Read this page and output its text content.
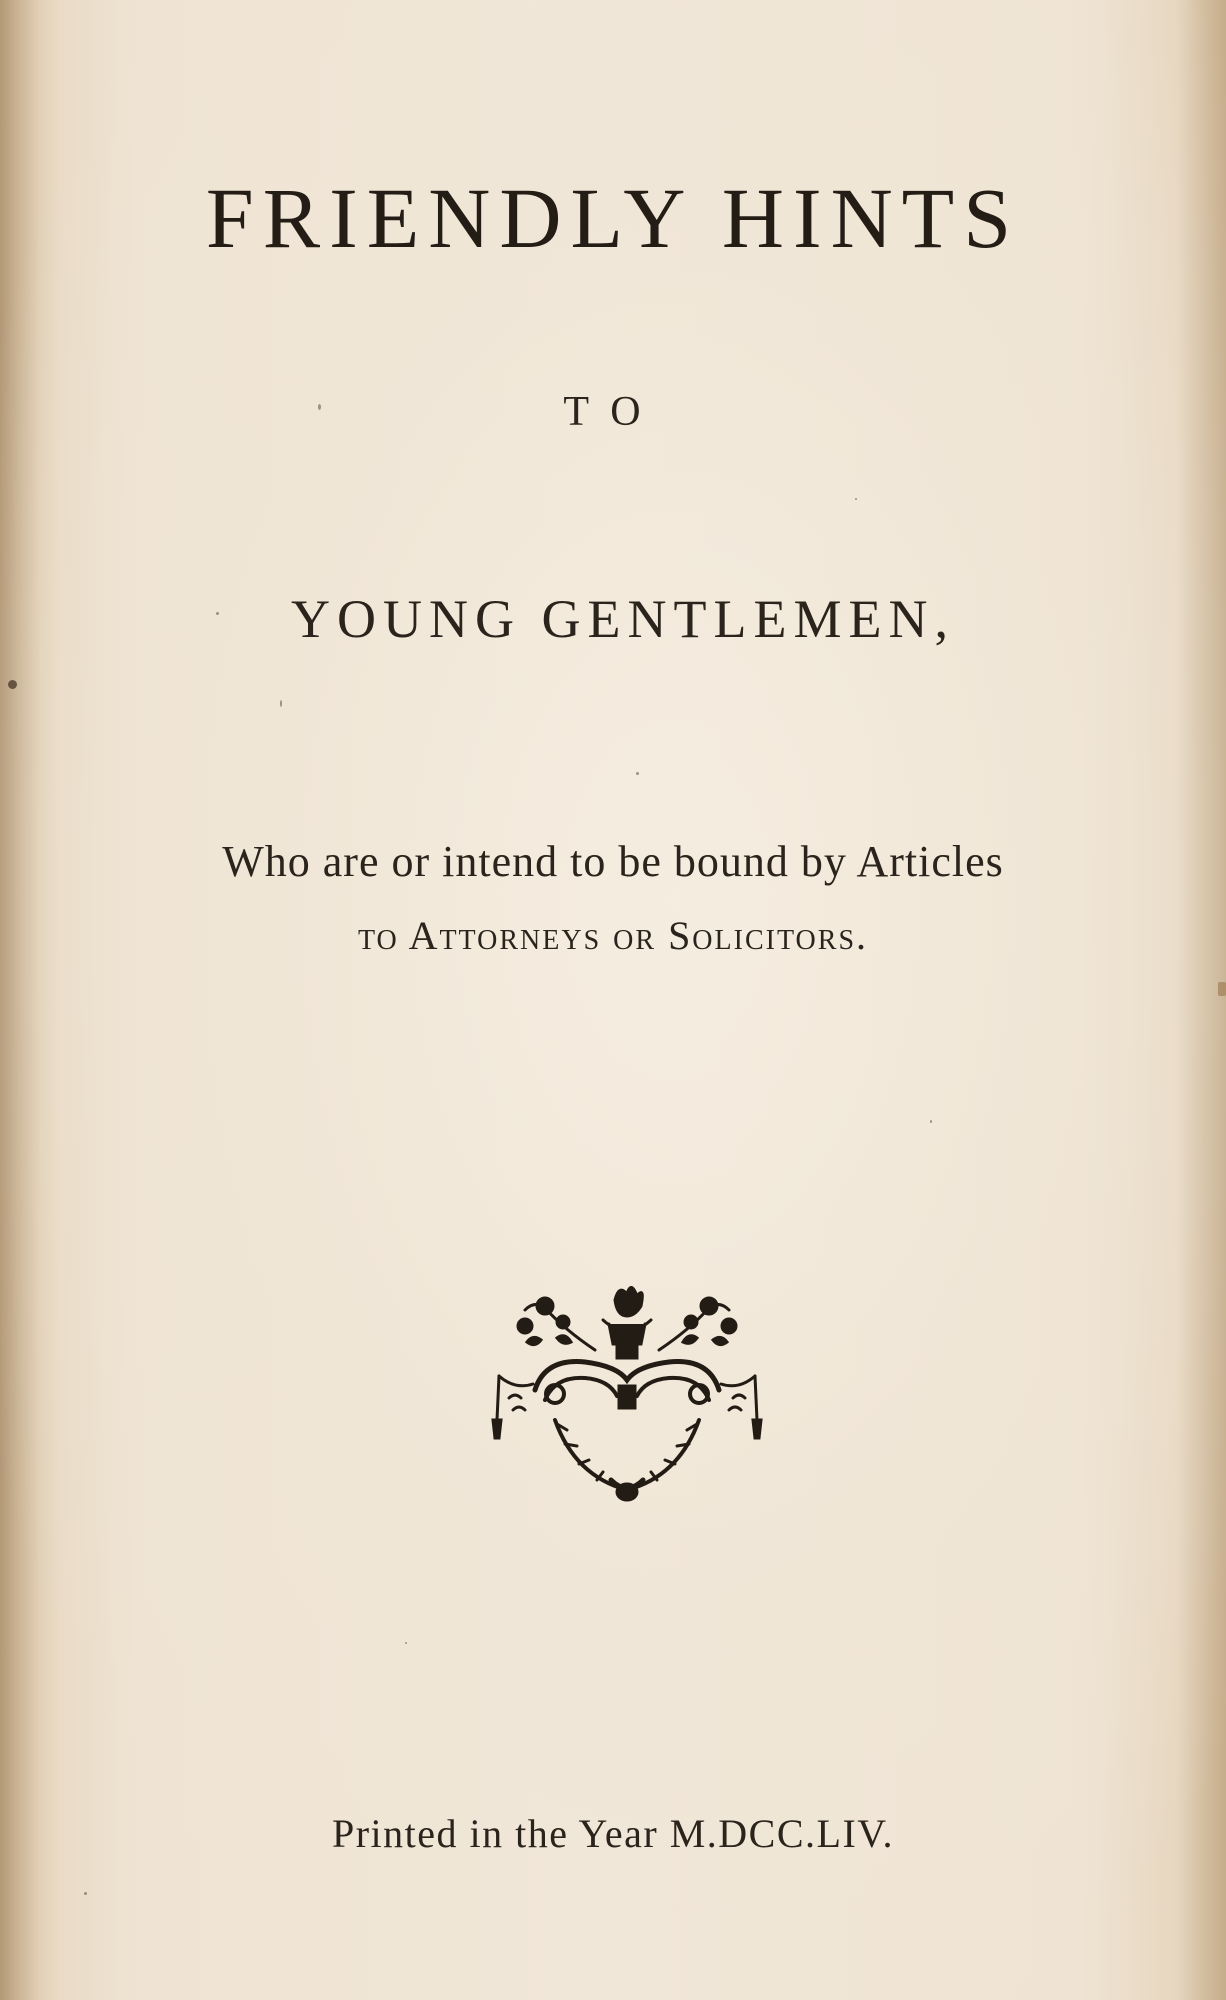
FRIENDLY HINTS
TO
YOUNG GENTLEMEN,
Who are or intend to be bound by Articles
to Attorneys or Solicitors.
Printed in the Year M.DCC.LIV.
